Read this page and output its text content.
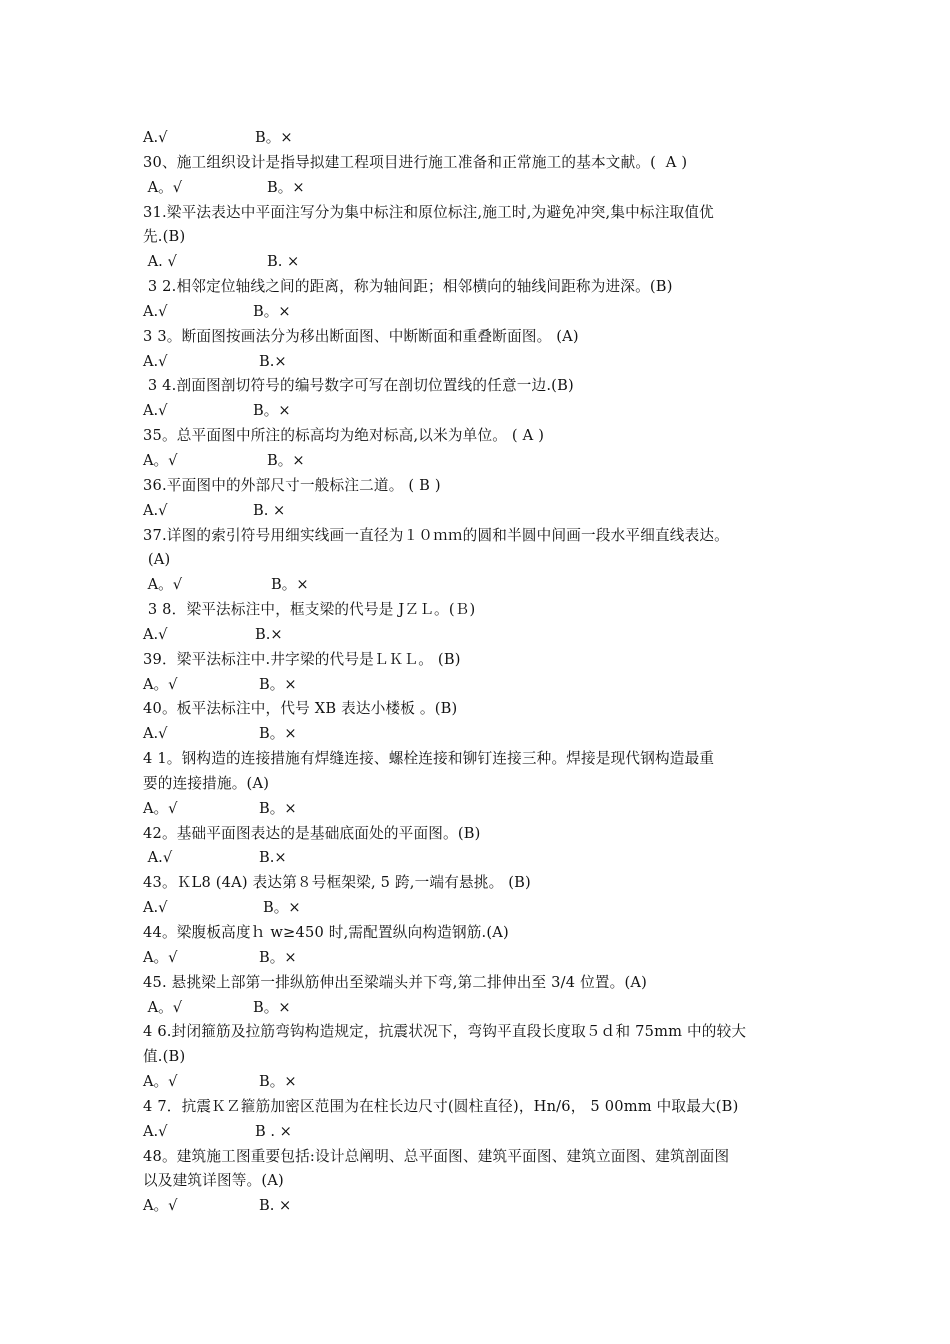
A.√	B。×
30、施工组织设计是指导拟建工程项目进行施工准备和正常施工的基本文献。(  A )
A。√	B。×
31.梁平法表达中平面注写分为集中标注和原位标注,施工时,为避免冲突,集中标注取值优
先.(B)
A. √	B. ×
3 2.相邻定位轴线之间的距离，称为轴间距；相邻横向的轴线间距称为进深。(B)
A.√	B。×
3 3。断面图按画法分为移出断面图、中断断面和重叠断面图。 (A)
A.√	B.×
3 4.剖面图剖切符号的编号数字可写在剖切位置线的任意一边.(B)
A.√	B。×
35。总平面图中所注的标高均为绝对标高,以米为单位。 ( A )
A。√	B。×
36.平面图中的外部尺寸一般标注二道。 ( B )
A.√	B. ×
37.详图的索引符号用细实线画一直径为１０ｍｍ的圆和半圆中间画一段水平细直线表达。
(A)
A。√	B。×
3 8．梁平法标注中，框支梁的代号是 JＺＬ。(Ｂ)
A.√	B.×
39．梁平法标注中.井字梁的代号是ＬＫＬ。 (B)
A。√	B。×
40。板平法标注中，代号 XB 表达小楼板 。(B)
A.√	B。×
4 1。钢构造的连接措施有焊缝连接、螺栓连接和铆钉连接三种。焊接是现代钢构造最重
要的连接措施。(A)
A。√	B。×
42。基础平面图表达的是基础底面处的平面图。(B)
A.√	B.×
43。ＫL8 (4A) 表达第８号框架梁, 5 跨,一端有悬挑。 (B)
A.√	B。×
44。梁腹板高度ｈ w≥450 时,需配置纵向构造钢筋.(A)
A。√	B。×
45. 悬挑梁上部第一排纵筋伸出至梁端头并下弯,第二排伸出至 3/4 位置。(A)
A。√	B。×
4 6.封闭箍筋及拉筋弯钩构造规定，抗震状况下，弯钩平直段长度取５ｄ和 75mm 中的较大
值.(B)
A。√	B。×
4 7．抗震ＫＺ箍筋加密区范围为在柱长边尺寸(圆柱直径)，Hn/6， 5 00mm 中取最大(B)
A.√	B . ×
48。建筑施工图重要包括:设计总阐明、总平面图、建筑平面图、建筑立面图、建筑剖面图
以及建筑详图等。(A)
A。√	B. ×
